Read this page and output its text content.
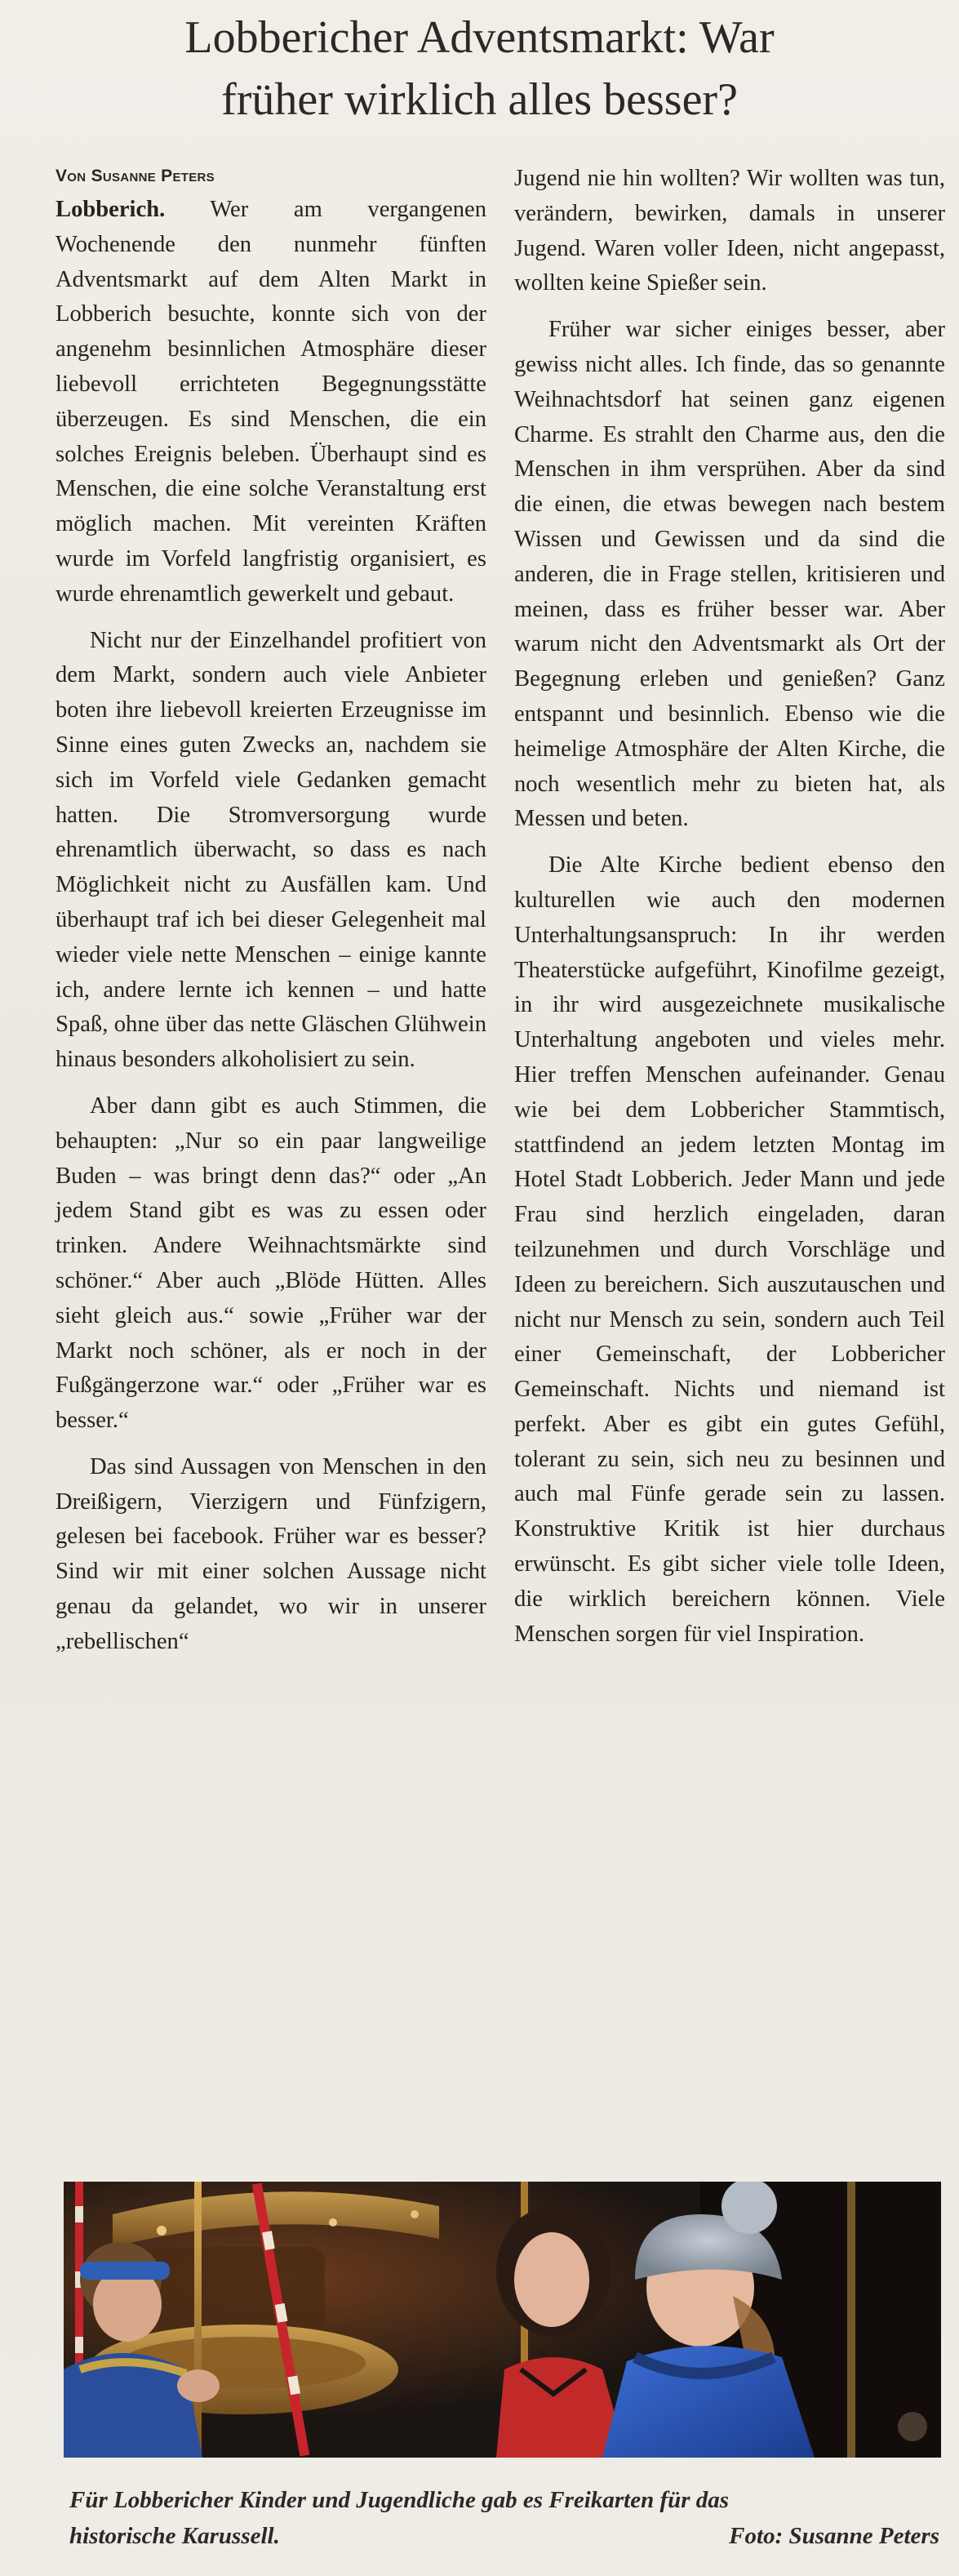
Lobbericher Adventsmarkt: War
früher wirklich alles besser?
Von Susanne Peters

Lobberich. Wer am vergangenen Wochenende den nunmehr fünften Adventsmarkt auf dem Alten Markt in Lobberich besuchte, konnte sich von der angenehm besinnlichen Atmosphäre dieser liebevoll errichteten Begegnungsstätte überzeugen. Es sind Menschen, die ein solches Ereignis beleben. Überhaupt sind es Menschen, die eine solche Veranstaltung erst möglich machen. Mit vereinten Kräften wurde im Vorfeld langfristig organisiert, es wurde ehrenamtlich gewerkelt und gebaut.

Nicht nur der Einzelhandel profitiert von dem Markt, sondern auch viele Anbieter boten ihre liebevoll kreierten Erzeugnisse im Sinne eines guten Zwecks an, nachdem sie sich im Vorfeld viele Gedanken gemacht hatten. Die Stromversorgung wurde ehrenamtlich überwacht, so dass es nach Möglichkeit nicht zu Ausfällen kam. Und überhaupt traf ich bei dieser Gelegenheit mal wieder viele nette Menschen – einige kannte ich, andere lernte ich kennen – und hatte Spaß, ohne über das nette Gläschen Glühwein hinaus besonders alkoholisiert zu sein.

Aber dann gibt es auch Stimmen, die behaupten: „Nur so ein paar langweilige Buden – was bringt denn das?“ oder „An jedem Stand gibt es was zu essen oder trinken. Andere Weihnachtsmärkte sind schöner.“ Aber auch „Blöde Hütten. Alles sieht gleich aus.“ sowie „Früher war der Markt noch schöner, als er noch in der Fußgängerzone war.“ oder „Früher war es besser.“

Das sind Aussagen von Menschen in den Dreißigern, Vierzigern und Fünfzigern, gelesen bei facebook. Früher war es besser? Sind wir mit einer solchen Aussage nicht genau da gelandet, wo wir in unserer „rebellischen“

Jugend nie hin wollten? Wir wollten was tun, verändern, bewirken, damals in unserer Jugend. Waren voller Ideen, nicht angepasst, wollten keine Spießer sein.

Früher war sicher einiges besser, aber gewiss nicht alles. Ich finde, das so genannte Weihnachtsdorf hat seinen ganz eigenen Charme. Es strahlt den Charme aus, den die Menschen in ihm versprühen. Aber da sind die einen, die etwas bewegen nach bestem Wissen und Gewissen und da sind die anderen, die in Frage stellen, kritisieren und meinen, dass es früher besser war. Aber warum nicht den Adventsmarkt als Ort der Begegnung erleben und genießen? Ganz entspannt und besinnlich. Ebenso wie die heimelige Atmosphäre der Alten Kirche, die noch wesentlich mehr zu bieten hat, als Messen und beten.

Die Alte Kirche bedient ebenso den kulturellen wie auch den modernen Unterhaltungsanspruch: In ihr werden Theaterstücke aufgeführt, Kinofilme gezeigt, in ihr wird ausgezeichnete musikalische Unterhaltung angeboten und vieles mehr. Hier treffen Menschen aufeinander. Genau wie bei dem Lobbericher Stammtisch, stattfindend an jedem letzten Montag im Hotel Stadt Lobberich. Jeder Mann und jede Frau sind herzlich eingeladen, daran teilzunehmen und durch Vorschläge und Ideen zu bereichern. Sich auszutauschen und nicht nur Mensch zu sein, sondern auch Teil einer Gemeinschaft, der Lobbericher Gemeinschaft. Nichts und niemand ist perfekt. Aber es gibt ein gutes Gefühl, tolerant zu sein, sich neu zu besinnen und auch mal Fünfe gerade sein zu lassen. Konstruktive Kritik ist hier durchaus erwünscht. Es gibt sicher viele tolle Ideen, die wirklich bereichern können. Viele Menschen sorgen für viel Inspiration.

Für Lobbericher Kinder und Jugendliche gab es Freikarten für das
historische Karussell.	Foto: Susanne Peters
